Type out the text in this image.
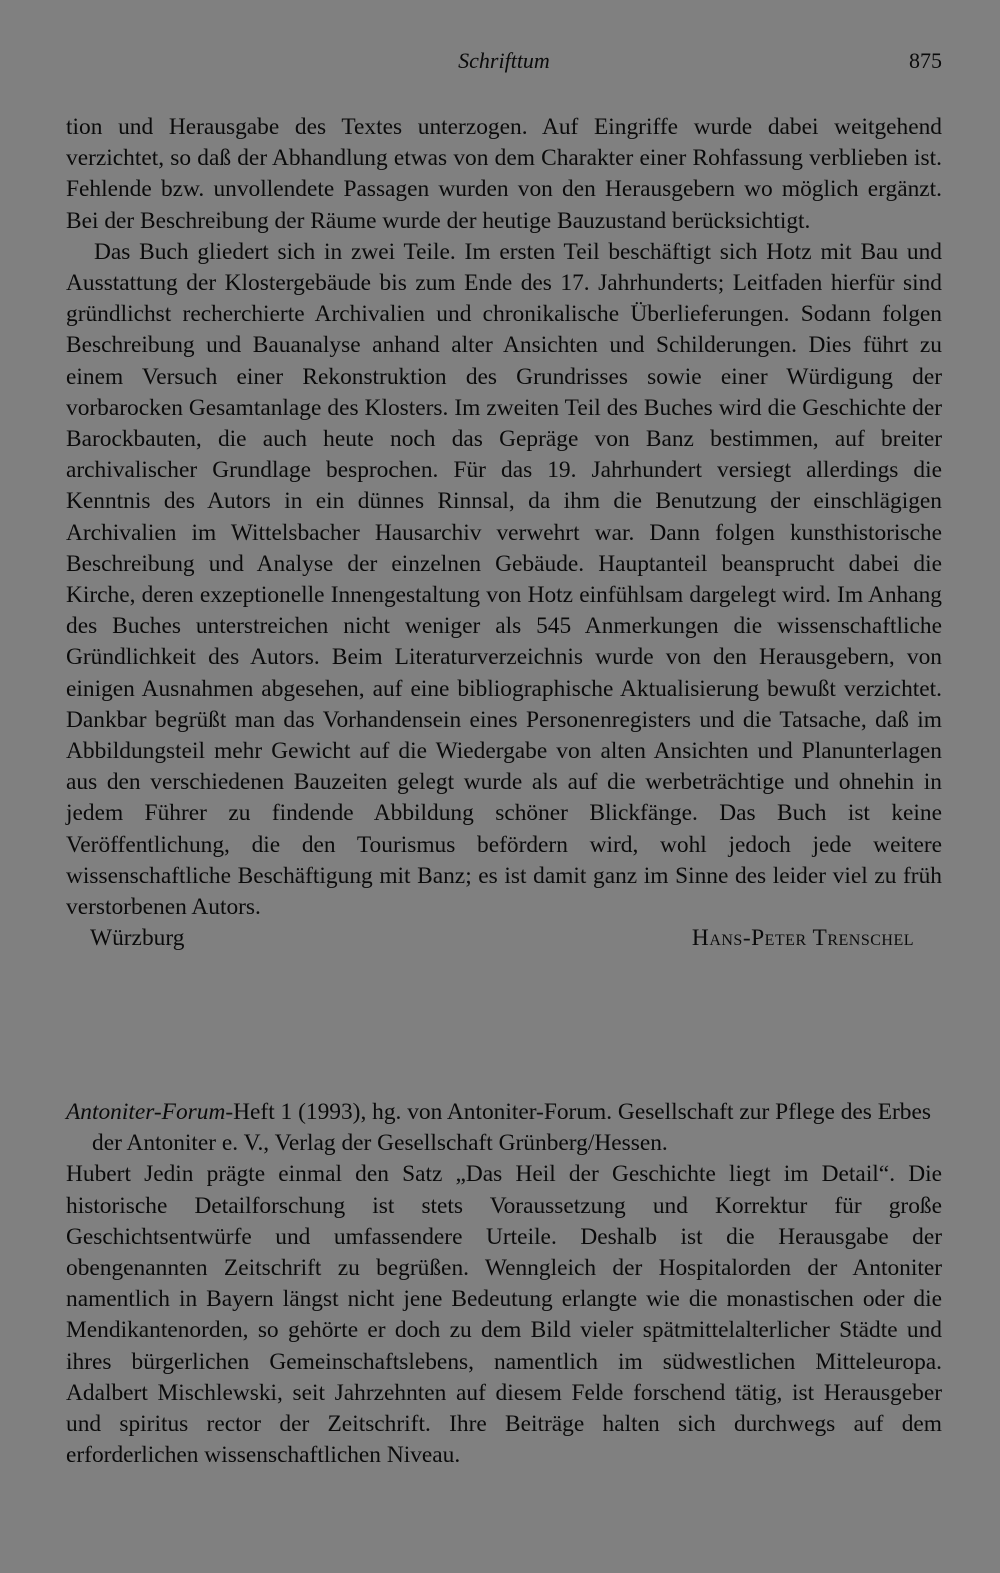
Schrifttum	875

tion und Herausgabe des Textes unterzogen. Auf Eingriffe wurde dabei weitgehend verzichtet, so daß der Abhandlung etwas von dem Charakter einer Rohfassung verblieben ist. Fehlende bzw. unvollendete Passagen wurden von den Herausgebern wo möglich ergänzt. Bei der Beschreibung der Räume wurde der heutige Bauzustand berücksichtigt.

Das Buch gliedert sich in zwei Teile. Im ersten Teil beschäftigt sich Hotz mit Bau und Ausstattung der Klostergebäude bis zum Ende des 17. Jahrhunderts; Leitfaden hierfür sind gründlichst recherchierte Archivalien und chronikalische Überlieferungen. Sodann folgen Beschreibung und Bauanalyse anhand alter Ansichten und Schilderungen. Dies führt zu einem Versuch einer Rekonstruktion des Grundrisses sowie einer Würdigung der vorbarocken Gesamtanlage des Klosters. Im zweiten Teil des Buches wird die Geschichte der Barockbauten, die auch heute noch das Gepräge von Banz bestimmen, auf breiter archivalischer Grundlage besprochen. Für das 19. Jahrhundert versiegt allerdings die Kenntnis des Autors in ein dünnes Rinnsal, da ihm die Benutzung der einschlägigen Archivalien im Wittelsbacher Hausarchiv verwehrt war. Dann folgen kunsthistorische Beschreibung und Analyse der einzelnen Gebäude. Hauptanteil beansprucht dabei die Kirche, deren exzeptionelle Innengestaltung von Hotz einfühlsam dargelegt wird. Im Anhang des Buches unterstreichen nicht weniger als 545 Anmerkungen die wissenschaftliche Gründlichkeit des Autors. Beim Literaturverzeichnis wurde von den Herausgebern, von einigen Ausnahmen abgesehen, auf eine bibliographische Aktualisierung bewußt verzichtet. Dankbar begrüßt man das Vorhandensein eines Personenregisters und die Tatsache, daß im Abbildungsteil mehr Gewicht auf die Wiedergabe von alten Ansichten und Planunterlagen aus den verschiedenen Bauzeiten gelegt wurde als auf die werbeträchtige und ohnehin in jedem Führer zu findende Abbildung schöner Blickfänge. Das Buch ist keine Veröffentlichung, die den Tourismus befördern wird, wohl jedoch jede weitere wissenschaftliche Beschäftigung mit Banz; es ist damit ganz im Sinne des leider viel zu früh verstorbenen Autors.

Würzburg	Hans-Peter Trenschel

Antoniter-Forum-Heft 1 (1993), hg. von Antoniter-Forum. Gesellschaft zur Pflege des Erbes der Antoniter e. V., Verlag der Gesellschaft Grünberg/Hessen.

Hubert Jedin prägte einmal den Satz „Das Heil der Geschichte liegt im Detail“. Die historische Detailforschung ist stets Voraussetzung und Korrektur für große Geschichtsentwürfe und umfassendere Urteile. Deshalb ist die Herausgabe der obengenannten Zeitschrift zu begrüßen. Wenngleich der Hospitalorden der Antoniter namentlich in Bayern längst nicht jene Bedeutung erlangte wie die monastischen oder die Mendikantenorden, so gehörte er doch zu dem Bild vieler spätmittelalterlicher Städte und ihres bürgerlichen Gemeinschaftslebens, namentlich im südwestlichen Mitteleuropa. Adalbert Mischlewski, seit Jahrzehnten auf diesem Felde forschend tätig, ist Herausgeber und spiritus rector der Zeitschrift. Ihre Beiträge halten sich durchwegs auf dem erforderlichen wissenschaftlichen Niveau.
